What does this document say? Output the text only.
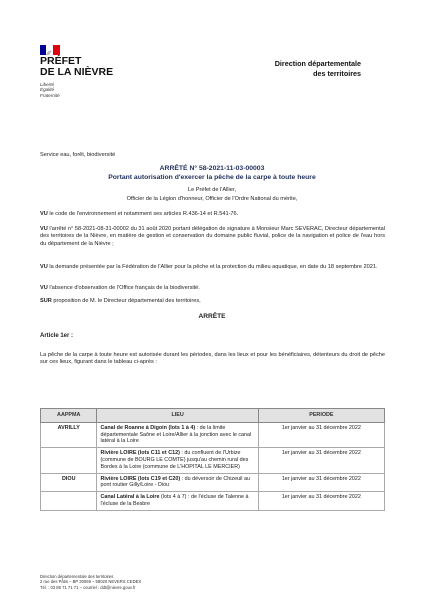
PRÉFET
DE LA NIÈVRE
Liberté
Égalité
Fraternité
Direction départementale
des territoires
Service eau, forêt, biodiversité
ARRÊTÉ N° 58-2021-11-03-00003
Portant autorisation d'exercer la pêche de la carpe à toute heure
Le Préfet de l'Allier,
Officier de la Légion d'honneur, Officier de l'Ordre National du mérite,
VU le code de l'environnement et notamment ses articles R.436-14 et R.541-76.
VU l'arrêté n° 58-2021-08-31-00002 du 31 août 2020 portant délégation de signature à Monsieur Marc SEVERAC, Directeur départemental des territoires de la Nièvre, en matière de gestion et conservation du domaine public fluvial, police de la navigation et police de l'eau hors du département de la Nièvre ;
VU la demande présentée par la Fédération de l'Allier pour la pêche et la protection du milieu aquatique, en date du 18 septembre 2021.
VU l'absence d'observation de l'Office français de la biodiversité.
SUR proposition de M. le Directeur départemental des territoires,
ARRÊTE
Article 1er :
La pêche de la carpe à toute heure est autorisée durant les périodes, dans les lieux et pour les bénéficiaires, détenteurs du droit de pêche sur ces lieux, figurant dans le tableau ci-après :
AAPPMA	LIEU	PERIODE
AVRILLY	Canal de Roanne à Digoin (lots 1 à 4) : de la limite départementale Saône et Loire/Allier à la jonction avec le canal latéral à la Loire	1er janvier au 31 décembre 2022
	Rivière LOIRE (lots C11 et C12) : du confluent de l'Urbize (commune de BOURG LE COMTE) jusqu'au chemin rural des Bordes à la Loire (commune de L'HOPITAL LE MERCIER)	1er janvier au 31 décembre 2022
DIOU	Rivière LOIRE (lots C19 et C20) : du déversoir de Chizeuil au pont routier Gilly/Loire - Diou	1er janvier au 31 décembre 2022
	Canal Latéral à la Loire (lots 4 à 7) : de l'écluse de Talenne à l'écluse de la Besbre	1er janvier au 31 décembre 2022
Direction départementale des territoires
2 rue des Pâtis – BP 30069 – 58020 NEVERS CEDEX
Tél. : 03 86 71 71 71 – courriel : ddt@nievre.gouv.fr
